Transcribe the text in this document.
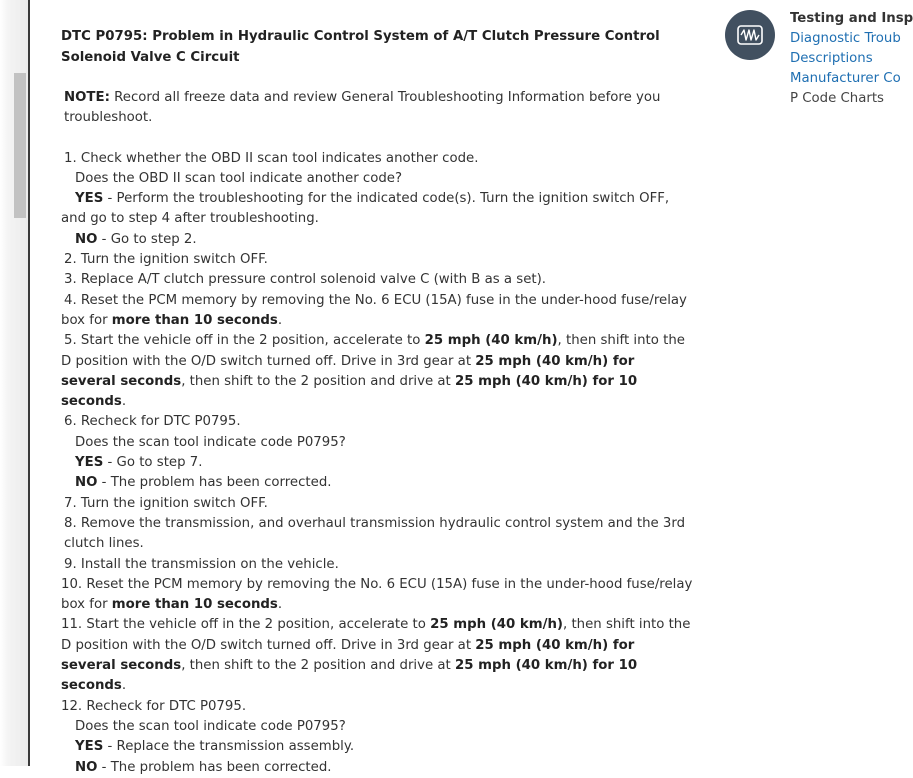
DTC P0795: Problem in Hydraulic Control System of A/T Clutch Pressure Control Solenoid Valve C Circuit
NOTE: Record all freeze data and review General Troubleshooting Information before you troubleshoot.
1. Check whether the OBD II scan tool indicates another code.
Does the OBD II scan tool indicate another code?
YES - Perform the troubleshooting for the indicated code(s). Turn the ignition switch OFF, and go to step 4 after troubleshooting.
NO - Go to step 2.
2. Turn the ignition switch OFF.
3. Replace A/T clutch pressure control solenoid valve C (with B as a set).
4. Reset the PCM memory by removing the No. 6 ECU (15A) fuse in the under-hood fuse/relay box for more than 10 seconds.
5. Start the vehicle off in the 2 position, accelerate to 25 mph (40 km/h), then shift into the D position with the O/D switch turned off. Drive in 3rd gear at 25 mph (40 km/h) for several seconds, then shift to the 2 position and drive at 25 mph (40 km/h) for 10 seconds.
6. Recheck for DTC P0795.
Does the scan tool indicate code P0795?
YES - Go to step 7.
NO - The problem has been corrected.
7. Turn the ignition switch OFF.
8. Remove the transmission, and overhaul transmission hydraulic control system and the 3rd clutch lines.
9. Install the transmission on the vehicle.
10. Reset the PCM memory by removing the No. 6 ECU (15A) fuse in the under-hood fuse/relay box for more than 10 seconds.
11. Start the vehicle off in the 2 position, accelerate to 25 mph (40 km/h), then shift into the D position with the O/D switch turned off. Drive in 3rd gear at 25 mph (40 km/h) for several seconds, then shift to the 2 position and drive at 25 mph (40 km/h) for 10 seconds.
12. Recheck for DTC P0795.
Does the scan tool indicate code P0795?
YES - Replace the transmission assembly.
NO - The problem has been corrected.
Testing and Insp
Diagnostic Troub
Descriptions
Manufacturer Co
P Code Charts
